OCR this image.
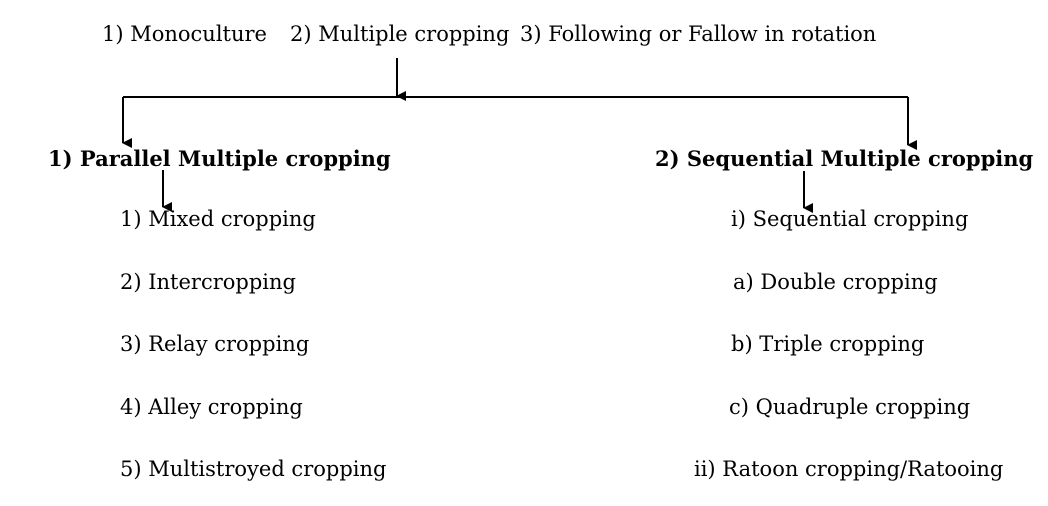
1) Monoculture 2) Multiple cropping 3) Following or Fallow in rotation
1) Parallel Multiple cropping	2) Sequential Multiple cropping
1) Mixed cropping
2) Intercropping
3) Relay cropping
4) Alley cropping
5) Multistroyed cropping
i) Sequential cropping
a) Double cropping
b) Triple cropping
c) Quadruple cropping
ii) Ratoon cropping/Ratooing
